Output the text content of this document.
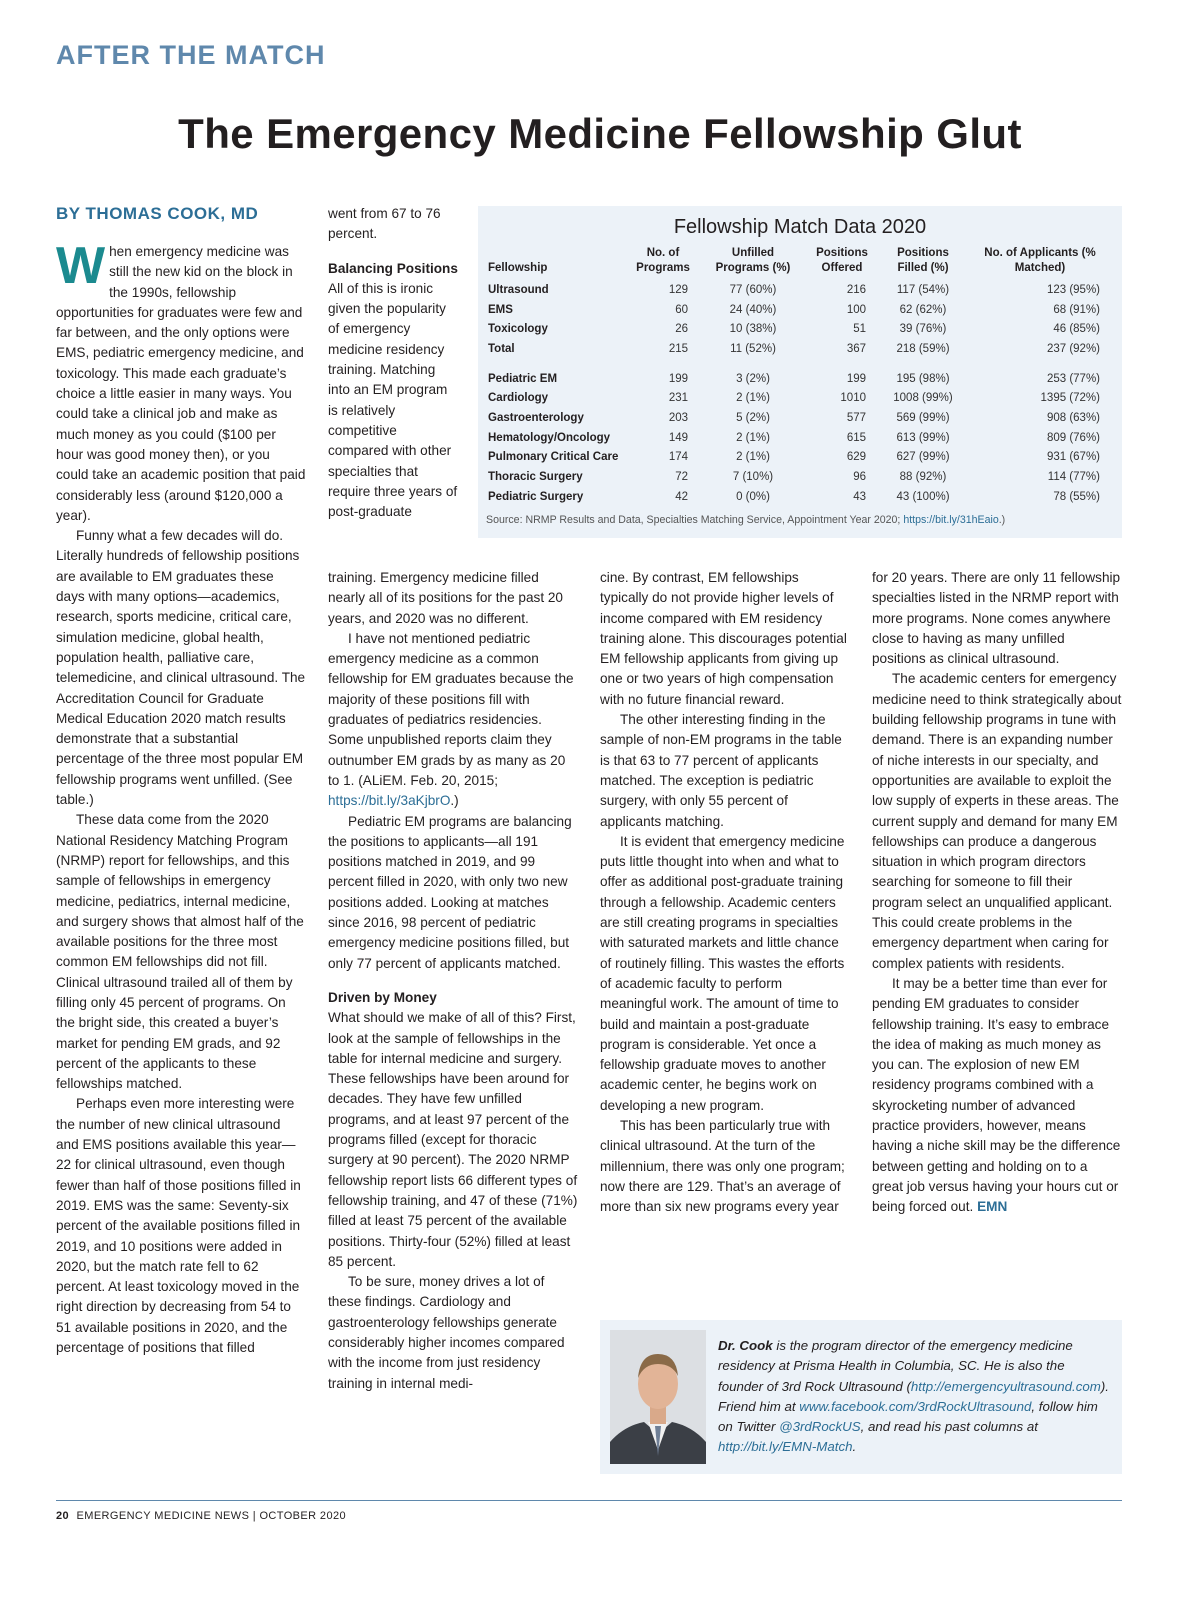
AFTER THE MATCH
The Emergency Medicine Fellowship Glut
BY THOMAS COOK, MD

When emergency medicine was still the new kid on the block in the 1990s, fellowship opportunities for graduates were few and far between, and the only options were EMS, pediatric emergency medicine, and toxicology. This made each graduate’s choice a little easier in many ways. You could take a clinical job and make as much money as you could ($100 per hour was good money then), or you could take an academic position that paid considerably less (around $120,000 a year).

Funny what a few decades will do. Literally hundreds of fellowship positions are available to EM graduates these days with many options—academics, research, sports medicine, critical care, simulation medicine, global health, population health, palliative care, telemedicine, and clinical ultrasound. The Accreditation Council for Graduate Medical Education 2020 match results demonstrate that a substantial percentage of the three most popular EM fellowship programs went unfilled. (See table.)

These data come from the 2020 National Residency Matching Program (NRMP) report for fellowships, and this sample of fellowships in emergency medicine, pediatrics, internal medicine, and surgery shows that almost half of the available positions for the three most common EM fellowships did not fill. Clinical ultrasound trailed all of them by filling only 45 percent of programs. On the bright side, this created a buyer’s market for pending EM grads, and 92 percent of the applicants to these fellowships matched.

Perhaps even more interesting were the number of new clinical ultrasound and EMS positions available this year—22 for clinical ultrasound, even though fewer than half of those positions filled in 2019. EMS was the same: Seventy-six percent of the available positions filled in 2019, and 10 positions were added in 2020, but the match rate fell to 62 percent. At least toxicology moved in the right direction by decreasing from 54 to 51 available positions in 2020, and the percentage of positions that filled

went from 67 to 76 percent.

Balancing Positions

All of this is ironic given the popularity of emergency medicine residency training. Matching into an EM program is relatively competitive compared with other specialties that require three years of post-graduate

training. Emergency medicine filled nearly all of its positions for the past 20 years, and 2020 was no different.

I have not mentioned pediatric emergency medicine as a common fellowship for EM graduates because the majority of these positions fill with graduates of pediatrics residencies. Some unpublished reports claim they outnumber EM grads by as many as 20 to 1. (ALiEM. Feb. 20, 2015; https://bit.ly/3aKjbrO.)

Pediatric EM programs are balancing the positions to applicants—all 191 positions matched in 2019, and 99 percent filled in 2020, with only two new positions added. Looking at matches since 2016, 98 percent of pediatric emergency medicine positions filled, but only 77 percent of applicants matched.

Driven by Money

What should we make of all of this? First, look at the sample of fellowships in the table for internal medicine and surgery. These fellowships have been around for decades. They have few unfilled programs, and at least 97 percent of the programs filled (except for thoracic surgery at 90 percent). The 2020 NRMP fellowship report lists 66 different types of fellowship training, and 47 of these (71%) filled at least 75 percent of the available positions. Thirty-four (52%) filled at least 85 percent.

To be sure, money drives a lot of these findings. Cardiology and gastroenterology fellowships generate considerably higher incomes compared with the income from just residency training in internal medi-

cine. By contrast, EM fellowships typically do not provide higher levels of income compared with EM residency training alone. This discourages potential EM fellowship applicants from giving up one or two years of high compensation with no future financial reward.

The other interesting finding in the sample of non-EM programs in the table is that 63 to 77 percent of applicants matched. The exception is pediatric surgery, with only 55 percent of applicants matching.

It is evident that emergency medicine puts little thought into when and what to offer as additional post-graduate training through a fellowship. Academic centers are still creating programs in specialties with saturated markets and little chance of routinely filling. This wastes the efforts of academic faculty to perform meaningful work. The amount of time to build and maintain a post-graduate program is considerable. Yet once a fellowship graduate moves to another academic center, he begins work on developing a new program.

This has been particularly true with clinical ultrasound. At the turn of the millennium, there was only one program; now there are 129. That’s an average of more than six new programs every year

for 20 years. There are only 11 fellowship specialties listed in the NRMP report with more programs. None comes anywhere close to having as many unfilled positions as clinical ultrasound.

The academic centers for emergency medicine need to think strategically about building fellowship programs in tune with demand. There is an expanding number of niche interests in our specialty, and opportunities are available to exploit the low supply of experts in these areas. The current supply and demand for many EM fellowships can produce a dangerous situation in which program directors searching for someone to fill their program select an unqualified applicant. This could create problems in the emergency department when caring for complex patients with residents.

It may be a better time than ever for pending EM graduates to consider fellowship training. It’s easy to embrace the idea of making as much money as you can. The explosion of new EM residency programs combined with a skyrocketing number of advanced practice providers, however, means having a niche skill may be the difference between getting and holding on to a great job versus having your hours cut or being forced out. EMN

Fellowship Match Data 2020
Fellowship	No. of Programs	Unfilled Programs (%)	Positions Offered	Positions Filled (%)	No. of Applicants (% Matched)
Ultrasound	129	77 (60%)	216	117 (54%)	123 (95%)
EMS	60	24 (40%)	100	62 (62%)	68 (91%)
Toxicology	26	10 (38%)	51	39 (76%)	46 (85%)
Total	215	11 (52%)	367	218 (59%)	237 (92%)

Pediatric EM	199	3 (2%)	199	195 (98%)	253 (77%)
Cardiology	231	2 (1%)	1010	1008 (99%)	1395 (72%)
Gastroenterology	203	5 (2%)	577	569 (99%)	908 (63%)
Hematology/Oncology	149	2 (1%)	615	613 (99%)	809 (76%)
Pulmonary Critical Care	174	2 (1%)	629	627 (99%)	931 (67%)
Thoracic Surgery	72	7 (10%)	96	88 (92%)	114 (77%)
Pediatric Surgery	42	0 (0%)	43	43 (100%)	78 (55%)
Source: NRMP Results and Data, Specialties Matching Service, Appointment Year 2020; https://bit.ly/31hEaio.)
Dr. Cook is the program director of the emergency medicine residency at Prisma Health in Columbia, SC. He is also the founder of 3rd Rock Ultrasound (http://emergencyultrasound.com). Friend him at www.facebook.com/3rdRockUltrasound, follow him on Twitter @3rdRockUS, and read his past columns at http://bit.ly/EMN-Match.
20 EMERGENCY MEDICINE NEWS | OCTOBER 2020
